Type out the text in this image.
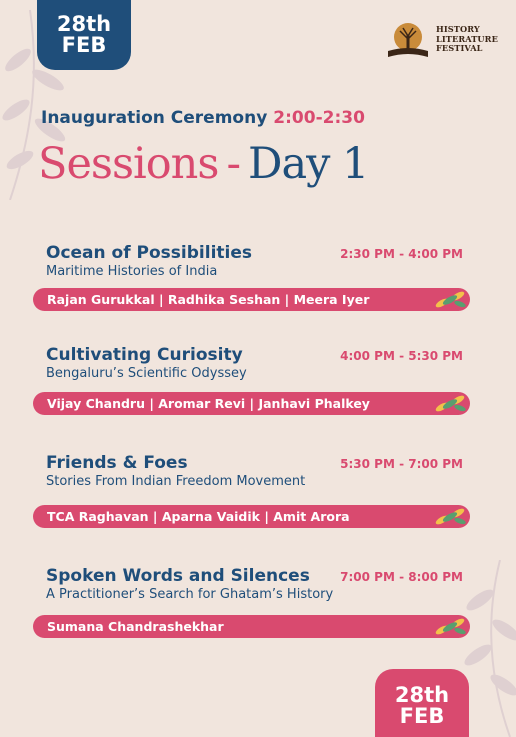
28th
FEB
HISTORY
LITERATURE
FESTIVAL
Inauguration Ceremony 2:00-2:30
Sessions - Day 1
Ocean of Possibilities	2:30 PM - 4:00 PM
Maritime Histories of India
Rajan Gurukkal | Radhika Seshan | Meera Iyer
Cultivating Curiosity	4:00 PM - 5:30 PM
Bengaluru’s Scientific Odyssey
Vijay Chandru | Aromar Revi | Janhavi Phalkey
Friends & Foes	5:30 PM - 7:00 PM
Stories From Indian Freedom Movement
TCA Raghavan | Aparna Vaidik | Amit Arora
Spoken Words and Silences	7:00 PM - 8:00 PM
A Practitioner’s Search for Ghatam’s History
Sumana Chandrashekhar
28th
FEB
